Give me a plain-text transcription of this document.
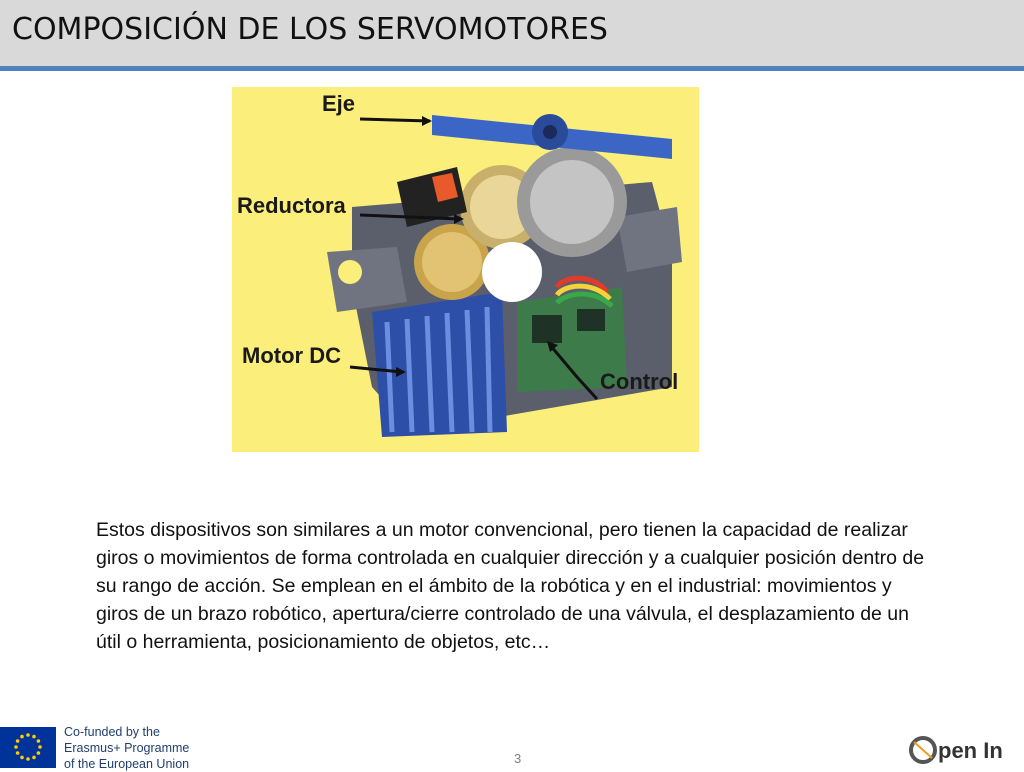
COMPOSICIÓN DE LOS SERVOMOTORES
Eje
Reductora
Motor DC
Control
Estos dispositivos son similares a un motor convencional, pero tienen la capacidad de realizar giros o movimientos de forma controlada en cualquier dirección y a cualquier posición dentro de su rango de acción. Se emplean en el ámbito de la robótica y en el industrial: movimientos y giros de un brazo robótico, apertura/cierre controlado de una válvula, el desplazamiento de un útil o herramienta, posicionamiento de objetos, etc…
Co-funded by the
Erasmus+ Programme
of the European Union	3	pen In
